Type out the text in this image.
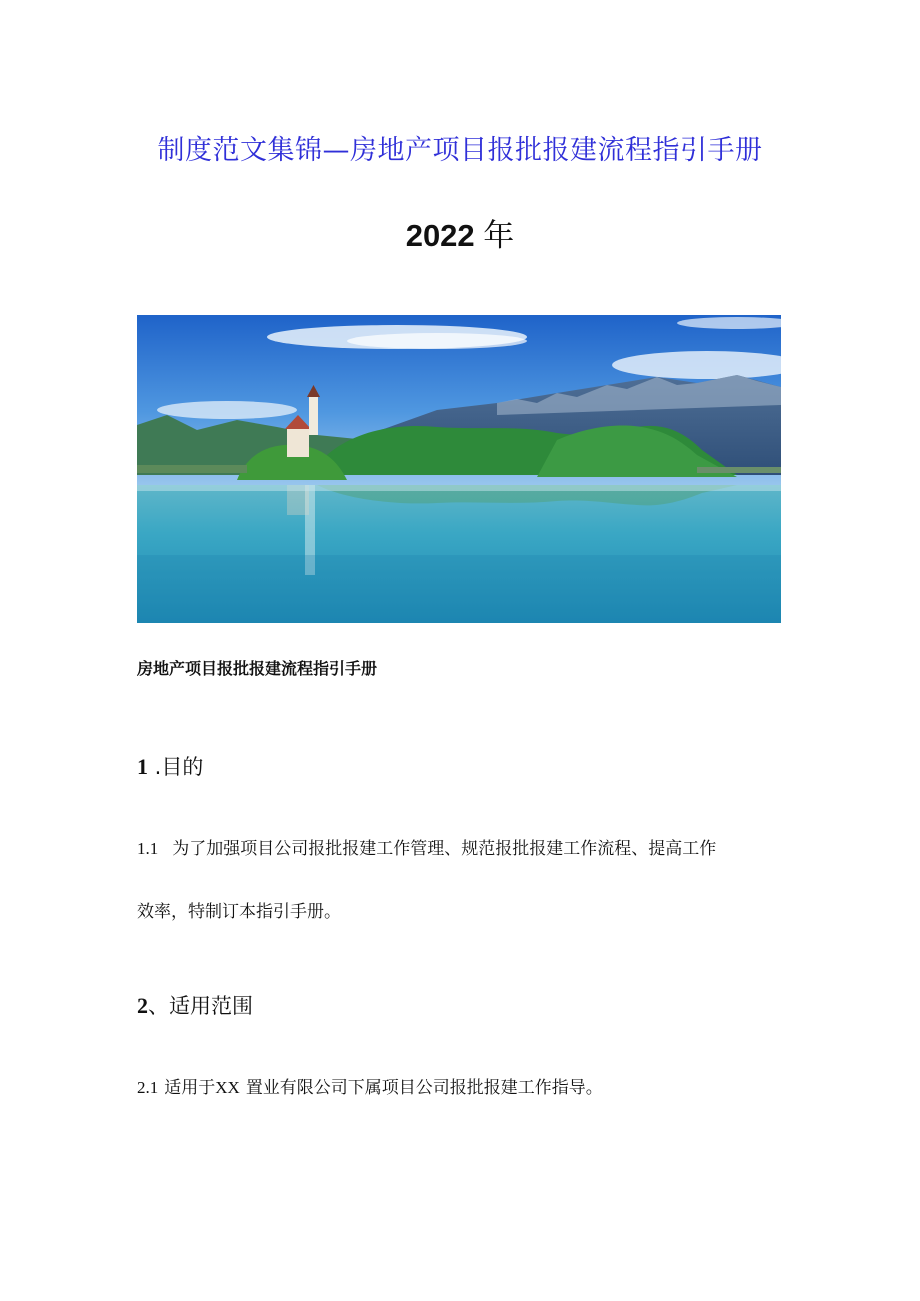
制度范文集锦—房地产项目报批报建流程指引手册
2022 年
房地产项目报批报建流程指引手册
1 .目的
1.1 为了加强项目公司报批报建工作管理、规范报批报建工作流程、提高工作
效率，特制订本指引手册。
2、适用范围
2.1 适用于XX 置业有限公司下属项目公司报批报建工作指导。
